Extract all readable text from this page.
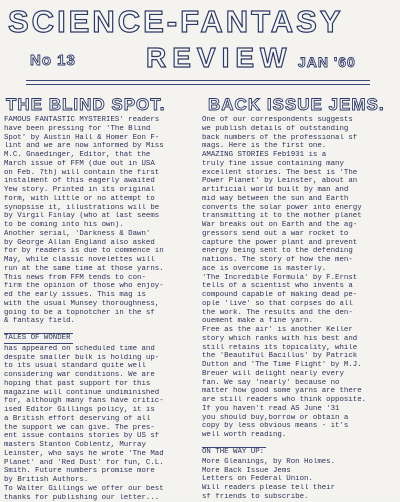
SCIENCE-FANTASY
No 13	REVIEW JAN '60
THE BLIND SPOT.
FAMOUS FANTASTIC MYSTERIES' readers
have been pressing for 'The Blind
Spot' by Austin Hall & Homer Eon F-
lint and we are now informed by Miss
M.C. Gnaedinger, Editor, that the
March issue of FFM (due out in USA
on Feb. 7th) will contain the first
instalment of this eagerly awaited
Yew story. Printed in its original
form, with little or no attempt to
synopsise it, illustrations will be
by Virgil Finlay (who at last seems
to be coming into his own).
Another serial, 'Darkness & Dawn'
by George Allan England also asked
for by readers is due to commence in
May, while classic novelettes will
run at the same time at those yarns.
This news from FFM tends to con-
firm the opinion of those who enjoy-
ed the early issues. This mag is
with the usual Munsey thoroughness,
going to be a topnotcher in the sf
& fantasy field.
TALES OF WONDER
has appeared on scheduled time and
despite smaller bulk is holding up-
to its usual standard quite well
considering war conditions. We are
hoping that past support for this
magazine will continue undiminished
for, although many fans have critic-
ised Editor Gillings policy, it is
a British effort deserving of all
the support we can give. The pres-
ent issue contains stories by US sf
masters Stanton Coblentz, Murray
Leinster, who says he wrote 'The Mad
Planet' and 'Red Dust' for fun, C.L.
Smith. Future numbers promise more
by British Authors.
To Walter Gillings we offer our best
thanks for publishing our letter...
BACK ISSUE JEMS.
One of our correspondents suggests
we publish details of outstanding
back numbers of the professional sf
mags. Here is the first one.
AMAZING STORIES Feb1931 is a
truly fine issue containing many
excellent stories. The best is 'The
Power Planet' by Leinster, about an
artificial world built by man and
mid way between the sun and Earth
converts the solar power into energy
transmitting it to the mother planet
War breaks out on Earth and the ag-
gressors send out a war rocket to
capture the power plant and prevent
energy being sent to the defending
nations. The story of how the men-
ace is overcome is masterly.
'The Incredible Formula' by F.Ernst
tells of a scientist who invents a
compound capable of making dead pe-
ople 'live' so that corpses do all
the work. The results and the den-
ouement make a fine yarn.
Free as the air' is another Keller
story which ranks with his best and
still retains its topicality, while
the 'Beautiful Bacillus' by Patrick
Dutton and 'The Time Flight' by M.J.
Breuer will delight nearly every
fan. We say 'nearly' because no
matter how good some yarns are there
are still readers who think opposite.
If you haven't read AS June '31
you should buy,borrow or obtain a
copy by less obvious means - it's
well worth reading.
ON THE WAY UP:
More Gleanings, by Ron Holmes.
More Back Issue Jems
Letters on Federal Union.
Will readers please tell their
sf friends to subscribe.
